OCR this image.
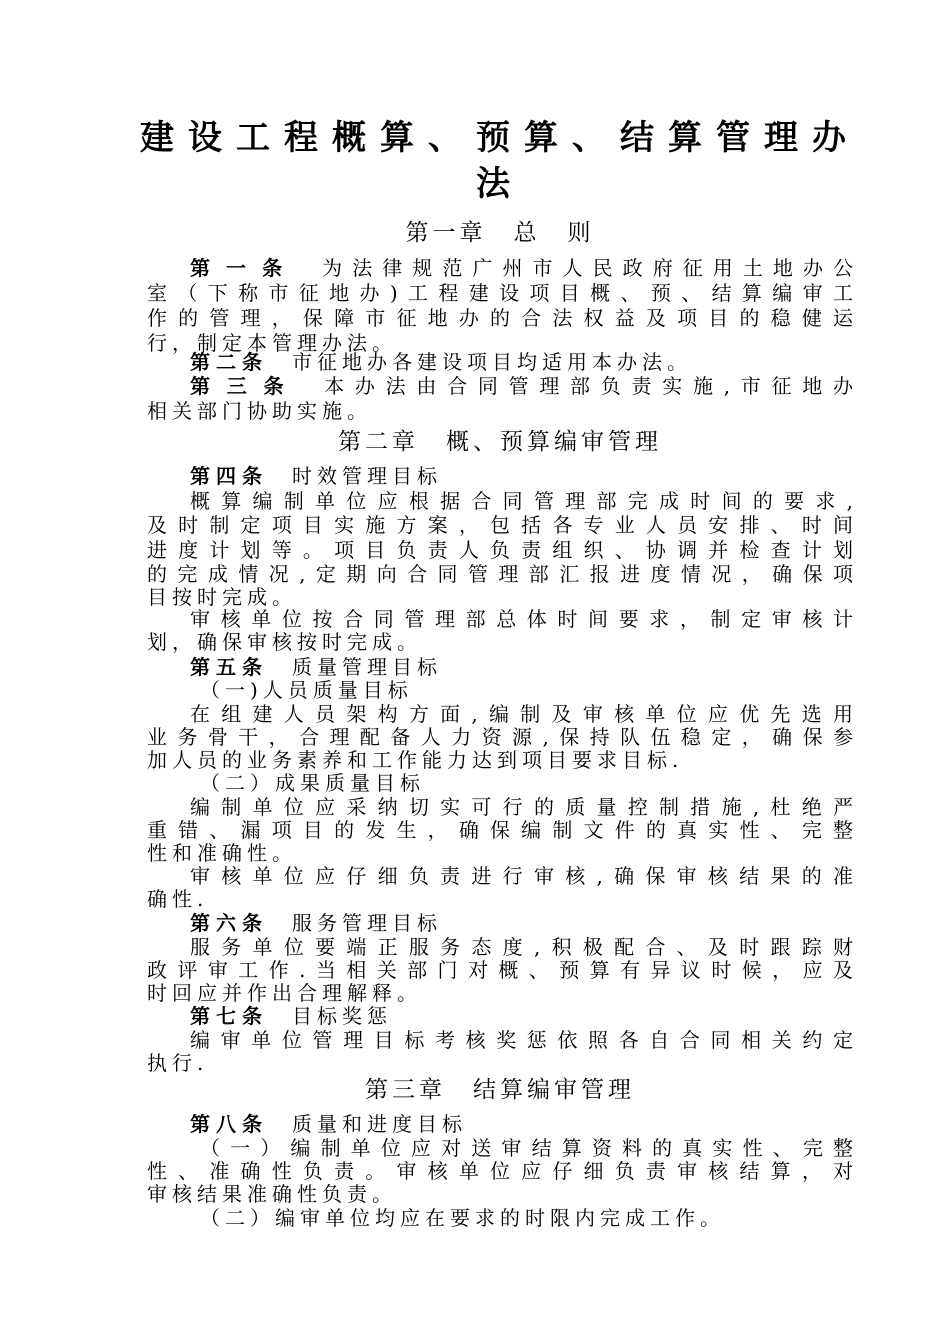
建设工程概算、预算、结算管理办
法
第一章　总　则
第一条 为法律规范广州市人民政府征用土地办公
室（下称市征地办)工程建设项目概、预、结算编审工
作的管理，保障市征地办的合法权益及项目的稳健运
行，制定本管理办法。
第二条 市征地办各建设项目均适用本办法。
第三条 本办法由合同管理部负责实施,市征地办
相关部门协助实施。
第二章　概、预算编审管理
第四条 时效管理目标
概算编制单位应根据合同管理部完成时间的要求,
及时制定项目实施方案，包括各专业人员安排、时间
进度计划等。项目负责人负责组织、协调并检查计划
的完成情况,定期向合同管理部汇报进度情况，确保项
目按时完成。
审核单位按合同管理部总体时间要求，制定审核计
划，确保审核按时完成。
第五条 质量管理目标
（一)人员质量目标
在组建人员架构方面,编制及审核单位应优先选用
业务骨干，合理配备人力资源,保持队伍稳定，确保参
加人员的业务素养和工作能力达到项目要求目标.
（二）成果质量目标
编制单位应采纳切实可行的质量控制措施,杜绝严
重错、漏项目的发生，确保编制文件的真实性、完整
性和准确性。
审核单位应仔细负责进行审核,确保审核结果的准
确性.
第六条 服务管理目标
服务单位要端正服务态度,积极配合、及时跟踪财
政评审工作.当相关部门对概、预算有异议时候，应及
时回应并作出合理解释。
第七条 目标奖惩
编审单位管理目标考核奖惩依照各自合同相关约定
执行.
第三章　结算编审管理
第八条 质量和进度目标
（一）编制单位应对送审结算资料的真实性、完整
性、准确性负责。审核单位应仔细负责审核结算，对
审核结果准确性负责。
（二）编审单位均应在要求的时限内完成工作。
